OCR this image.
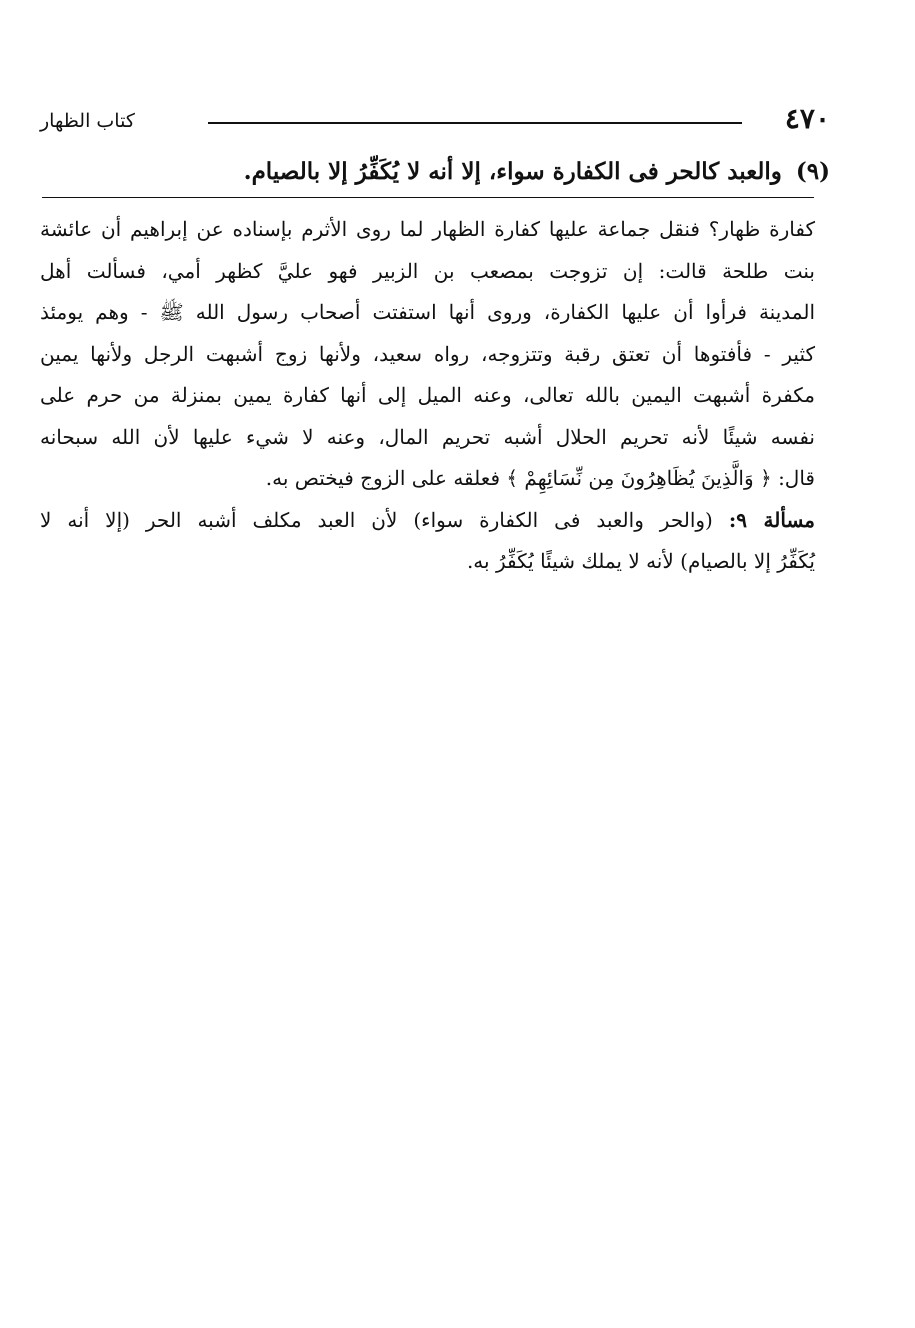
٤٧٠
كتاب الظهار
(٩) والعبد كالحر فى الكفارة سواء، إلا أنه لا يُكَفِّرُ إلا بالصيام.
كفارة ظهار؟ فنقل جماعة عليها كفارة الظهار لما روى الأثرم بإسناده عن إبراهيم أن عائشة
بنت طلحة قالت: إن تزوجت بمصعب بن الزبير فهو عليَّ كظهر أمي، فسألت أهل
المدينة فرأوا أن عليها الكفارة، وروى أنها استفتت أصحاب رسول الله ﷺ - وهم يومئذ
كثير - فأفتوها أن تعتق رقبة وتتزوجه، رواه سعيد، ولأنها زوج أشبهت الرجل ولأنها يمين
مكفرة أشبهت اليمين بالله تعالى، وعنه الميل إلى أنها كفارة يمين بمنزلة من حرم على
نفسه شيئًا لأنه تحريم الحلال أشبه تحريم المال، وعنه لا شيء عليها لأن الله سبحانه
قال: ﴿ وَالَّذِينَ يُظَاهِرُونَ مِن نِّسَائِهِمْ ﴾ فعلقه على الزوج فيختص به.
مسألة ٩: (والحر والعبد فى الكفارة سواء) لأن العبد مكلف أشبه الحر (إلا أنه لا
يُكَفِّرُ إلا بالصيام) لأنه لا يملك شيئًا يُكَفِّرُ به.
